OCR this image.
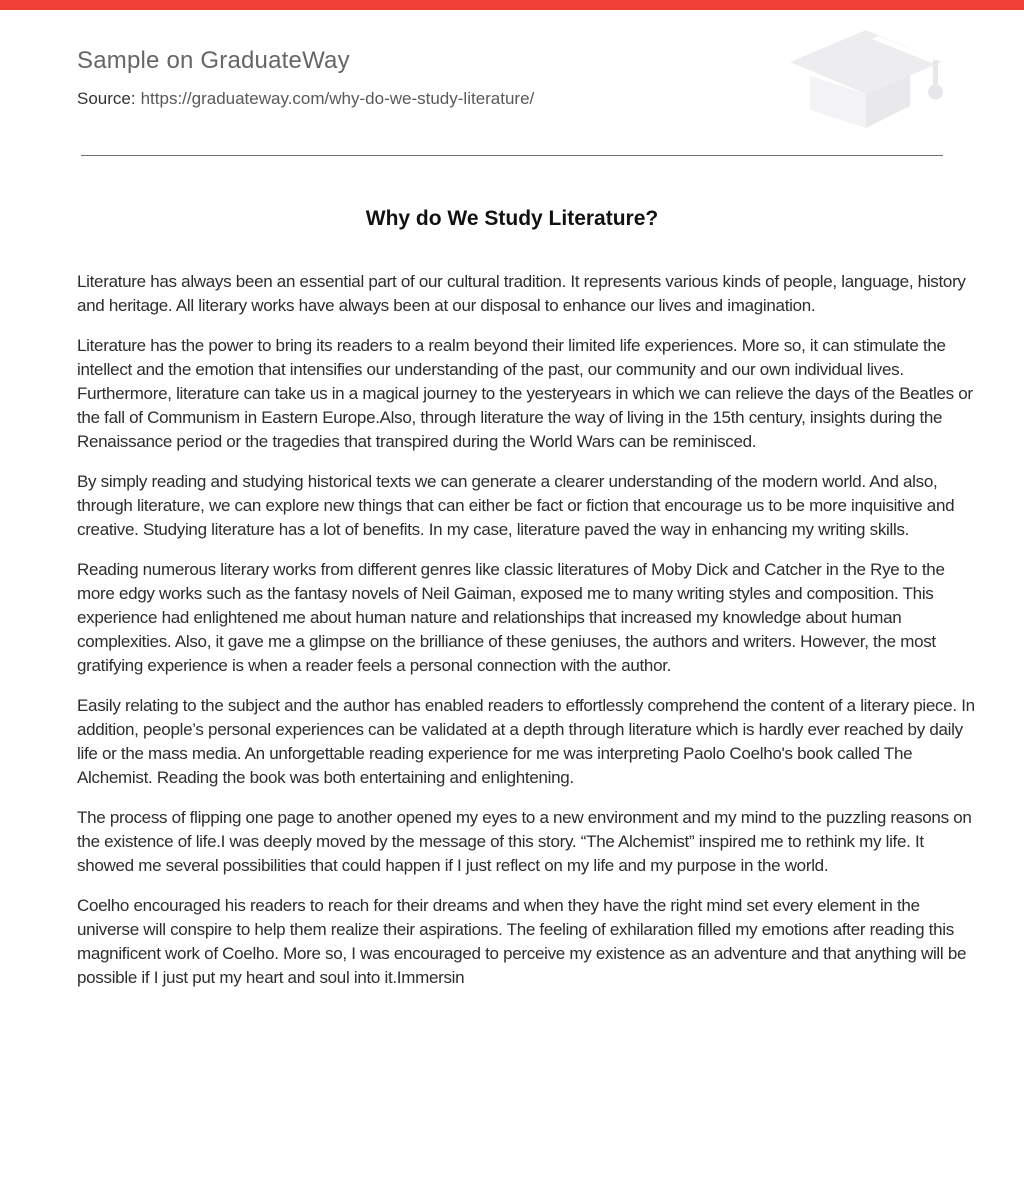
Sample on GraduateWay
Source: https://graduateway.com/why-do-we-study-literature/
Why do We Study Literature?

Literature has always been an essential part of our cultural tradition. It represents various kinds of people, language, history and heritage. All literary works have always been at our disposal to enhance our lives and imagination.

Literature has the power to bring its readers to a realm beyond their limited life experiences. More so, it can stimulate the intellect and the emotion that intensifies our understanding of the past, our community and our own individual lives. Furthermore, literature can take us in a magical journey to the yesteryears in which we can relieve the days of the Beatles or the fall of Communism in Eastern Europe.Also, through literature the way of living in the 15th century, insights during the Renaissance period or the tragedies that transpired during the World Wars can be reminisced.

By simply reading and studying historical texts we can generate a clearer understanding of the modern world. And also, through literature, we can explore new things that can either be fact or fiction that encourage us to be more inquisitive and creative. Studying literature has a lot of benefits. In my case, literature paved the way in enhancing my writing skills.

Reading numerous literary works from different genres like classic literatures of Moby Dick and Catcher in the Rye to the more edgy works such as the fantasy novels of Neil Gaiman, exposed me to many writing styles and composition. This experience had enlightened me about human nature and relationships that increased my knowledge about human complexities. Also, it gave me a glimpse on the brilliance of these geniuses, the authors and writers. However, the most gratifying experience is when a reader feels a personal connection with the author.

Easily relating to the subject and the author has enabled readers to effortlessly comprehend the content of a literary piece. In addition, people’s personal experiences can be validated at a depth through literature which is hardly ever reached by daily life or the mass media. An unforgettable reading experience for me was interpreting Paolo Coelho's book called The Alchemist. Reading the book was both entertaining and enlightening.

The process of flipping one page to another opened my eyes to a new environment and my mind to the puzzling reasons on the existence of life.I was deeply moved by the message of this story. “The Alchemist” inspired me to rethink my life. It showed me several possibilities that could happen if I just reflect on my life and my purpose in the world.

Coelho encouraged his readers to reach for their dreams and when they have the right mind set every element in the universe will conspire to help them realize their aspirations. The feeling of exhilaration filled my emotions after reading this magnificent work of Coelho. More so, I was encouraged to perceive my existence as an adventure and that anything will be possible if I just put my heart and soul into it.Immersin
